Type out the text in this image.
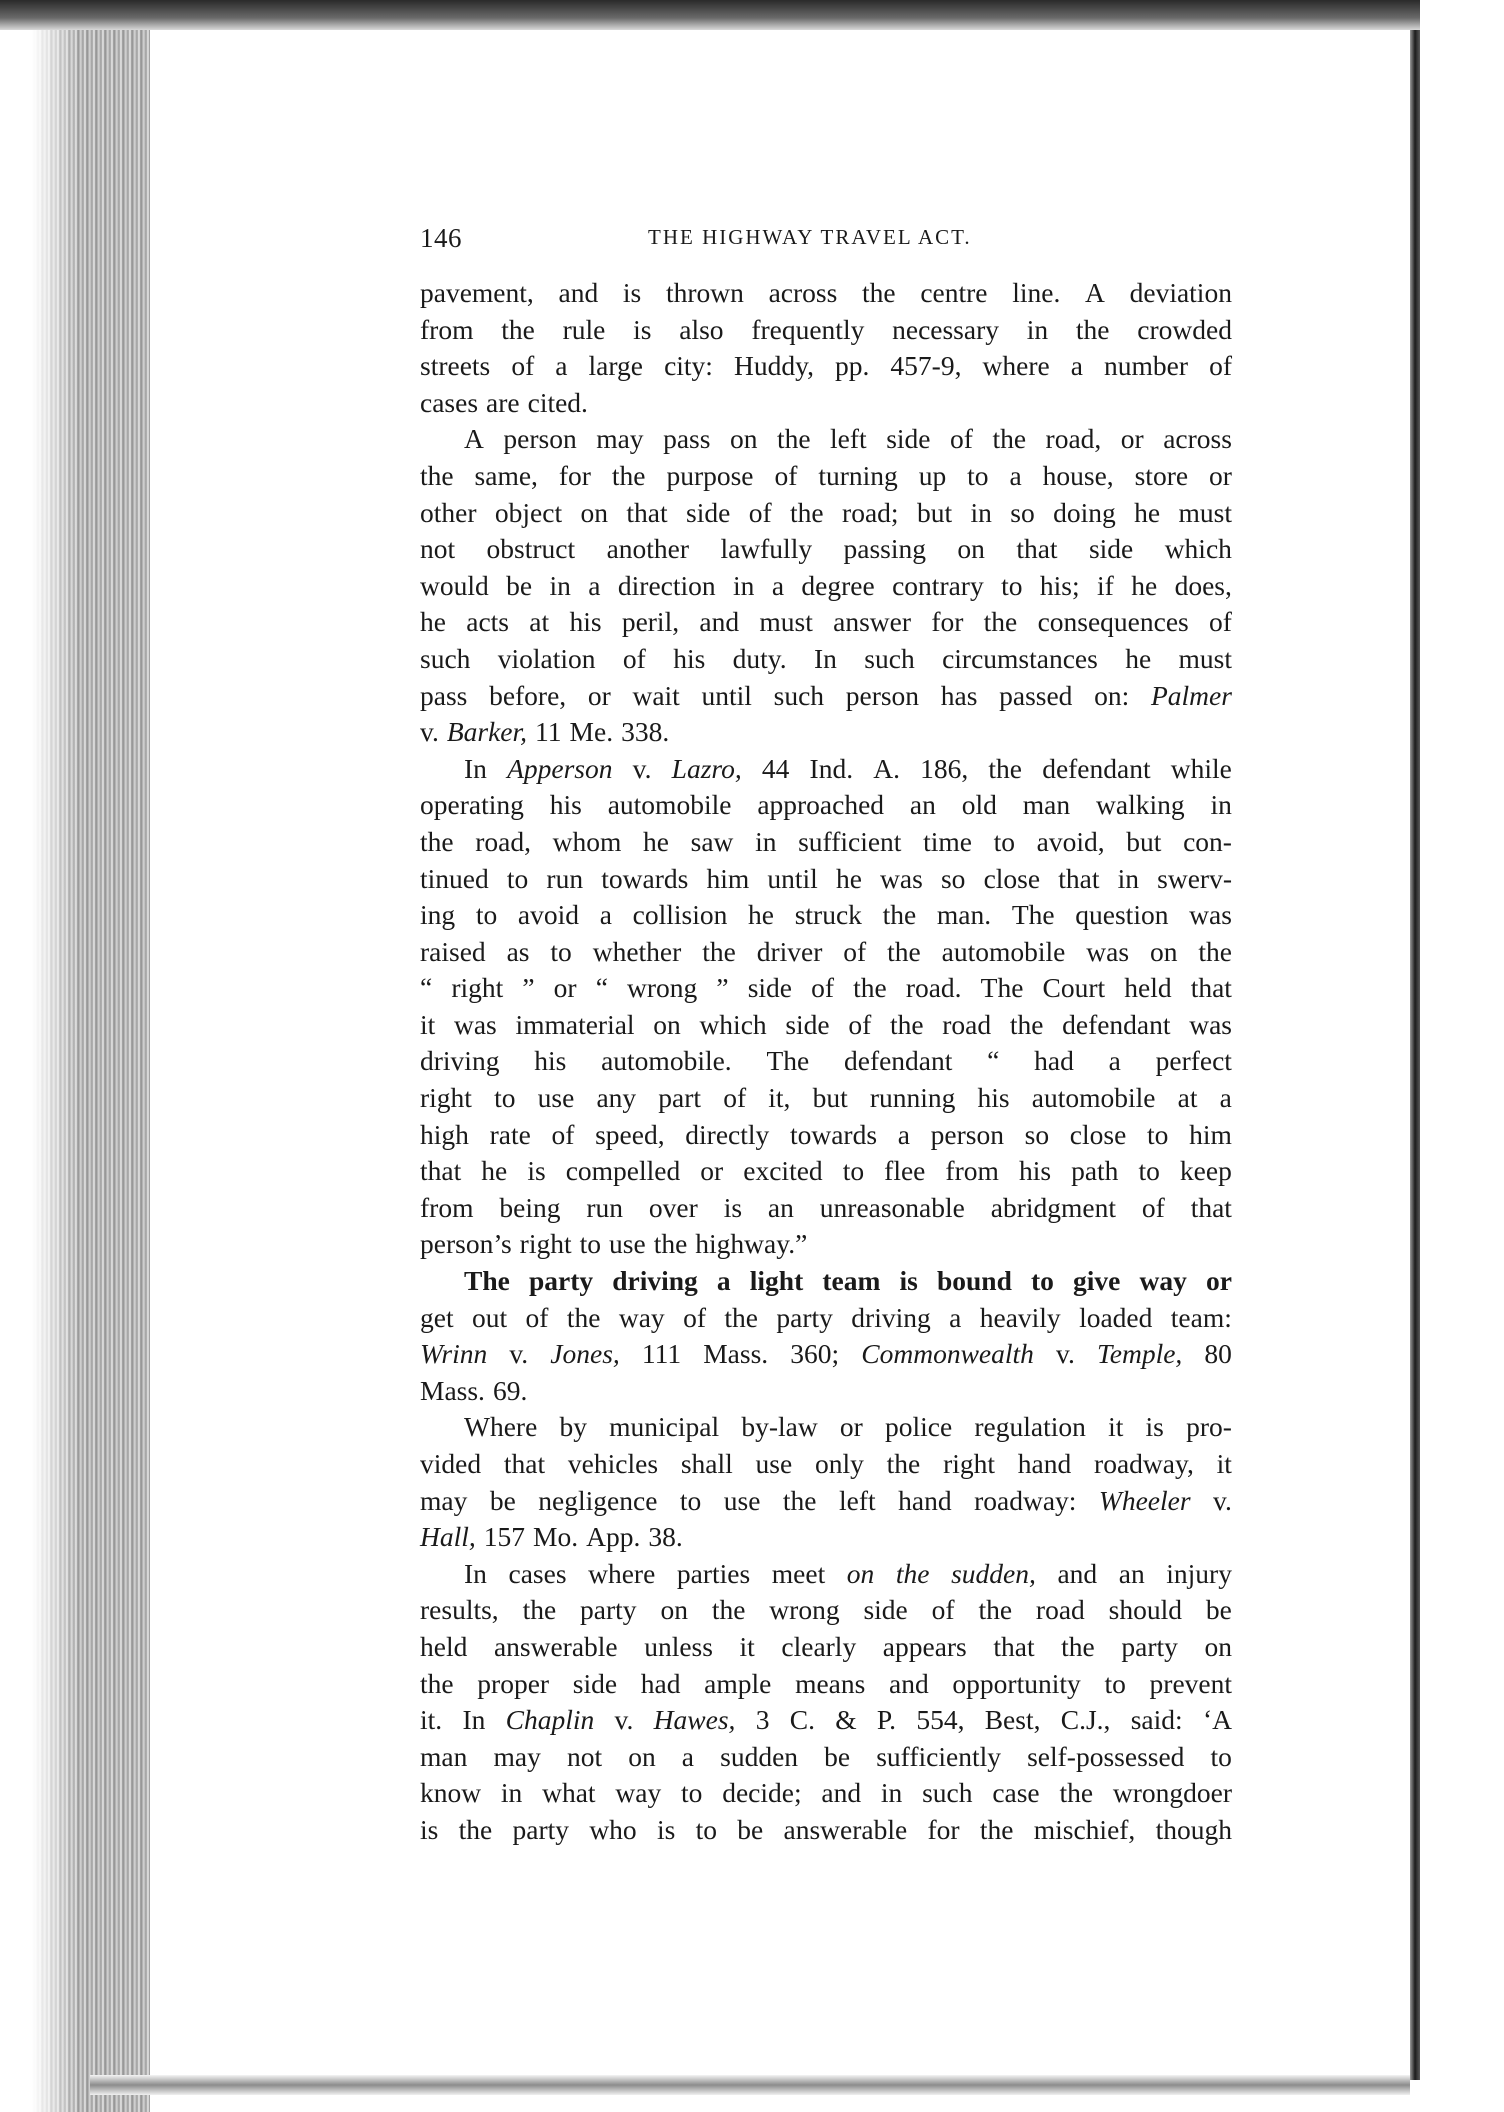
146	THE HIGHWAY TRAVEL ACT.
pavement, and is thrown across the centre line. A deviation
from the rule is also frequently necessary in the crowded
streets of a large city: Huddy, pp. 457-9, where a number of
cases are cited.
A person may pass on the left side of the road, or across
the same, for the purpose of turning up to a house, store or
other object on that side of the road; but in so doing he must
not obstruct another lawfully passing on that side which
would be in a direction in a degree contrary to his; if he does,
he acts at his peril, and must answer for the consequences of
such violation of his duty. In such circumstances he must
pass before, or wait until such person has passed on: Palmer
v. Barker, 11 Me. 338.
In Apperson v. Lazro, 44 Ind. A. 186, the defendant while
operating his automobile approached an old man walking in
the road, whom he saw in sufficient time to avoid, but con-
tinued to run towards him until he was so close that in swerv-
ing to avoid a collision he struck the man. The question was
raised as to whether the driver of the automobile was on the
“ right ” or “ wrong ” side of the road. The Court held that
it was immaterial on which side of the road the defendant was
driving his automobile. The defendant “ had a perfect
right to use any part of it, but running his automobile at a
high rate of speed, directly towards a person so close to him
that he is compelled or excited to flee from his path to keep
from being run over is an unreasonable abridgment of that
person’s right to use the highway.”
The party driving a light team is bound to give way or
get out of the way of the party driving a heavily loaded team:
Wrinn v. Jones, 111 Mass. 360; Commonwealth v. Temple, 80
Mass. 69.
Where by municipal by-law or police regulation it is pro-
vided that vehicles shall use only the right hand roadway, it
may be negligence to use the left hand roadway: Wheeler v.
Hall, 157 Mo. App. 38.
In cases where parties meet on the sudden, and an injury
results, the party on the wrong side of the road should be
held answerable unless it clearly appears that the party on
the proper side had ample means and opportunity to prevent
it. In Chaplin v. Hawes, 3 C. & P. 554, Best, C.J., said: ‘A
man may not on a sudden be sufficiently self-possessed to
know in what way to decide; and in such case the wrongdoer
is the party who is to be answerable for the mischief, though
